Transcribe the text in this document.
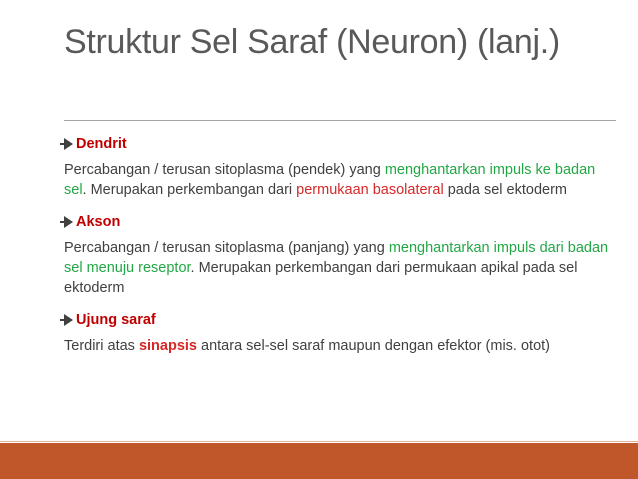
Struktur Sel Saraf (Neuron) (lanj.)
Dendrit

Percabangan / terusan sitoplasma (pendek) yang menghantarkan impuls ke badan sel. Merupakan perkembangan dari permukaan basolateral pada sel ektoderm

Akson

Percabangan / terusan sitoplasma (panjang) yang menghantarkan impuls dari badan sel menuju reseptor. Merupakan perkembangan dari permukaan apikal pada sel ektoderm

Ujung saraf

Terdiri atas sinapsis antara sel-sel saraf maupun dengan efektor (mis. otot)
